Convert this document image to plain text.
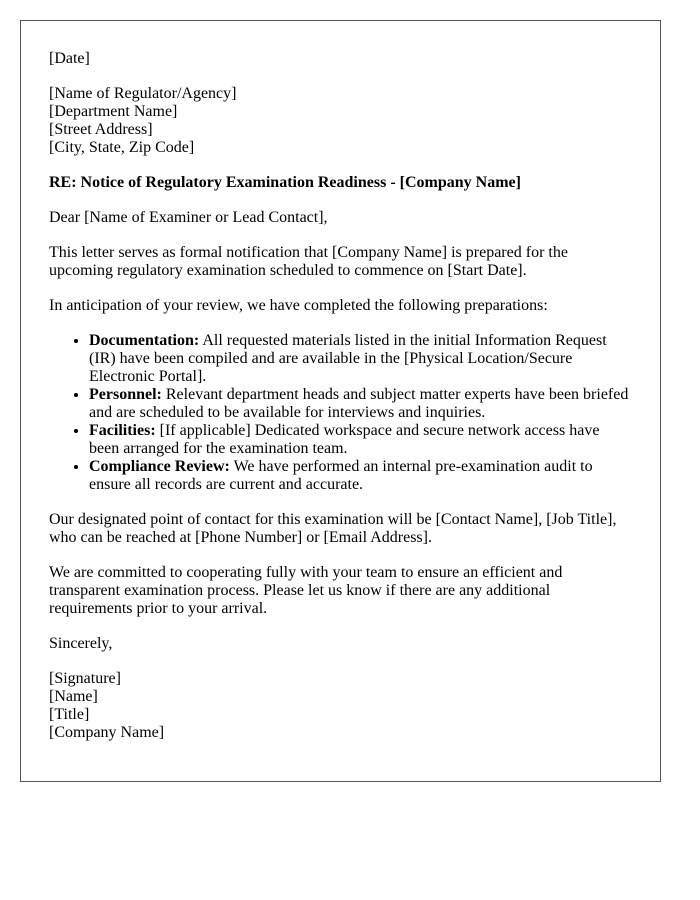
[Date]

[Name of Regulator/Agency]
[Department Name]
[Street Address]
[City, State, Zip Code]

RE: Notice of Regulatory Examination Readiness - [Company Name]

Dear [Name of Examiner or Lead Contact],

This letter serves as formal notification that [Company Name] is prepared for the upcoming regulatory examination scheduled to commence on [Start Date].

In anticipation of your review, we have completed the following preparations:

• Documentation: All requested materials listed in the initial Information Request (IR) have been compiled and are available in the [Physical Location/Secure Electronic Portal].
• Personnel: Relevant department heads and subject matter experts have been briefed and are scheduled to be available for interviews and inquiries.
• Facilities: [If applicable] Dedicated workspace and secure network access have been arranged for the examination team.
• Compliance Review: We have performed an internal pre-examination audit to ensure all records are current and accurate.

Our designated point of contact for this examination will be [Contact Name], [Job Title], who can be reached at [Phone Number] or [Email Address].

We are committed to cooperating fully with your team to ensure an efficient and transparent examination process. Please let us know if there are any additional requirements prior to your arrival.

Sincerely,

[Signature]
[Name]
[Title]
[Company Name]
